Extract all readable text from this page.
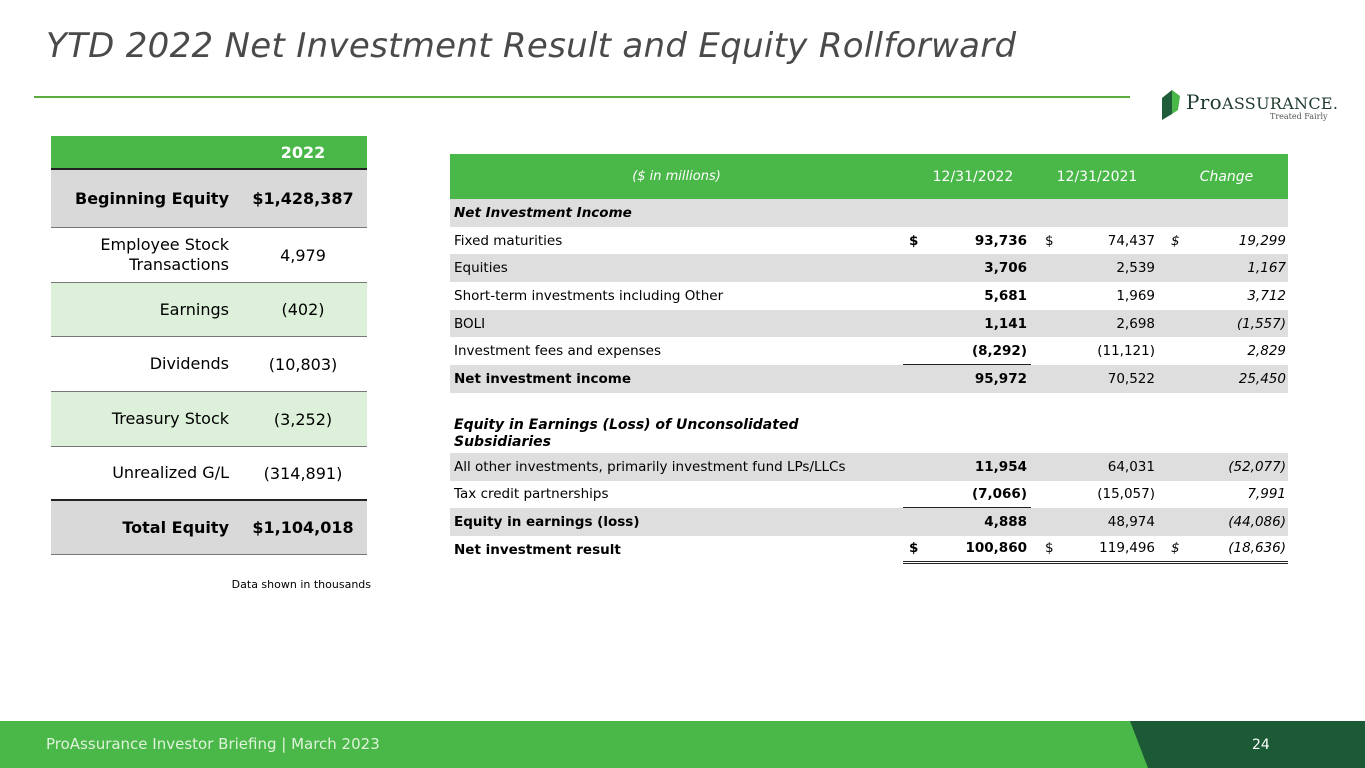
YTD 2022 Net Investment Result and Equity Rollforward
ProASSURANCE.
Treated Fairly
2022
Beginning Equity	$1,428,387
Employee Stock Transactions	4,979
Earnings	(402)
Dividends	(10,803)
Treasury Stock	(3,252)
Unrealized G/L	(314,891)
Total Equity	$1,104,018
Data shown in thousands
($ in millions)	12/31/2022	12/31/2021	Change
Net Investment Income
Fixed maturities	$	93,736 $	74,437 $	19,299
Equities	3,706	2,539	1,167
Short-term investments including Other	5,681	1,969	3,712
BOLI	1,141	2,698	(1,557)
Investment fees and expenses	(8,292)	(11,121)	2,829
Net investment income	95,972	70,522	25,450
Equity in Earnings (Loss) of Unconsolidated Subsidiaries
All other investments, primarily investment fund LPs/LLCs	11,954	64,031	(52,077)
Tax credit partnerships	(7,066)	(15,057)	7,991
Equity in earnings (loss)	4,888	48,974	(44,086)
Net investment result	$	100,860 $	119,496 $	(18,636)
ProAssurance Investor Briefing | March 2023	24
